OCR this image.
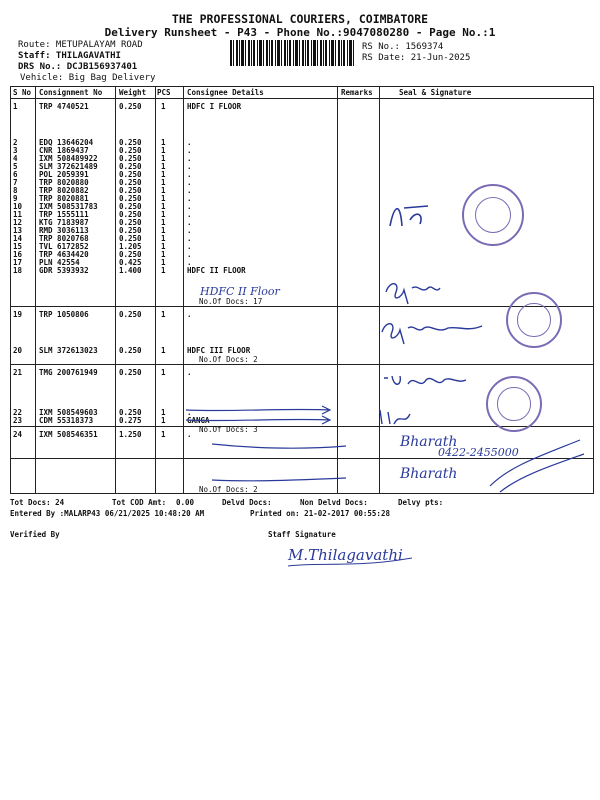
THE PROFESSIONAL COURIERS, COIMBATORE
Delivery Runsheet - P43 - Phone No.:9047080280 - Page No.:1
Route: METUPALAYAM ROAD
Staff: THILAGAVATHI
DRS No.: DCJB156937401
Vehicle: Big Bag Delivery
RS No.: 1569374
RS Date: 21-Jun-2025
S No Consignment No Weight PCS Consignee Details	Remarks	Seal & Signature
No.Of Docs: 17
No.Of Docs: 2
No.Of Docs: 3
No.Of Docs: 2
1	TRP 4740521	0.250	1	HDFC I FLOOR
2	EDQ 13646204	0.250	1	.
3	CNR 1869437	0.250	1	.
4	IXM 508489922	0.250	1	.
5	SLM 372621489	0.250	1	.
6	POL 2059391	0.250	1	.
7	TRP 8020880	0.250	1	.
8	TRP 8020882	0.250	1	.
9	TRP 8020881	0.250	1	.
10 IXM 508531783	0.250	1	.
11 TRP 1555111	0.250	1	.
12 KTG 7183987	0.250	1	.
13 RMD 3036113	0.250	1	.
14 TRP 8020768	0.250	1	.
15 TVL 6172852	1.205	1	.
16 TRP 4634420	0.250	1	.
17 PLN 42554	0.425	1	.
18 GDR 5393932	1.400	1	HDFC II FLOOR
19 TRP 1050806	0.250	1	.
20 SLM 372613023	0.250	1	HDFC III FLOOR
21 TMG 200761949	0.250	1	.
22 IXM 508549603	0.250	1	.
23 CDM 55318373	0.275	1	GANGA
24 IXM 508546351	1.250	1	.
HDFC II Floor
0422-2455000
Bharath
Bharath
M.Thilagavathi
Tot Docs: 24	Tot COD Amt: 0.00	Delvd Docs:	Non Delvd Docs:	Delvy pts:
Entered By :MALARP43 06/21/2025 10:48:20 AM	Printed on: 21-02-2017 00:55:28
Verified By	Staff Signature
